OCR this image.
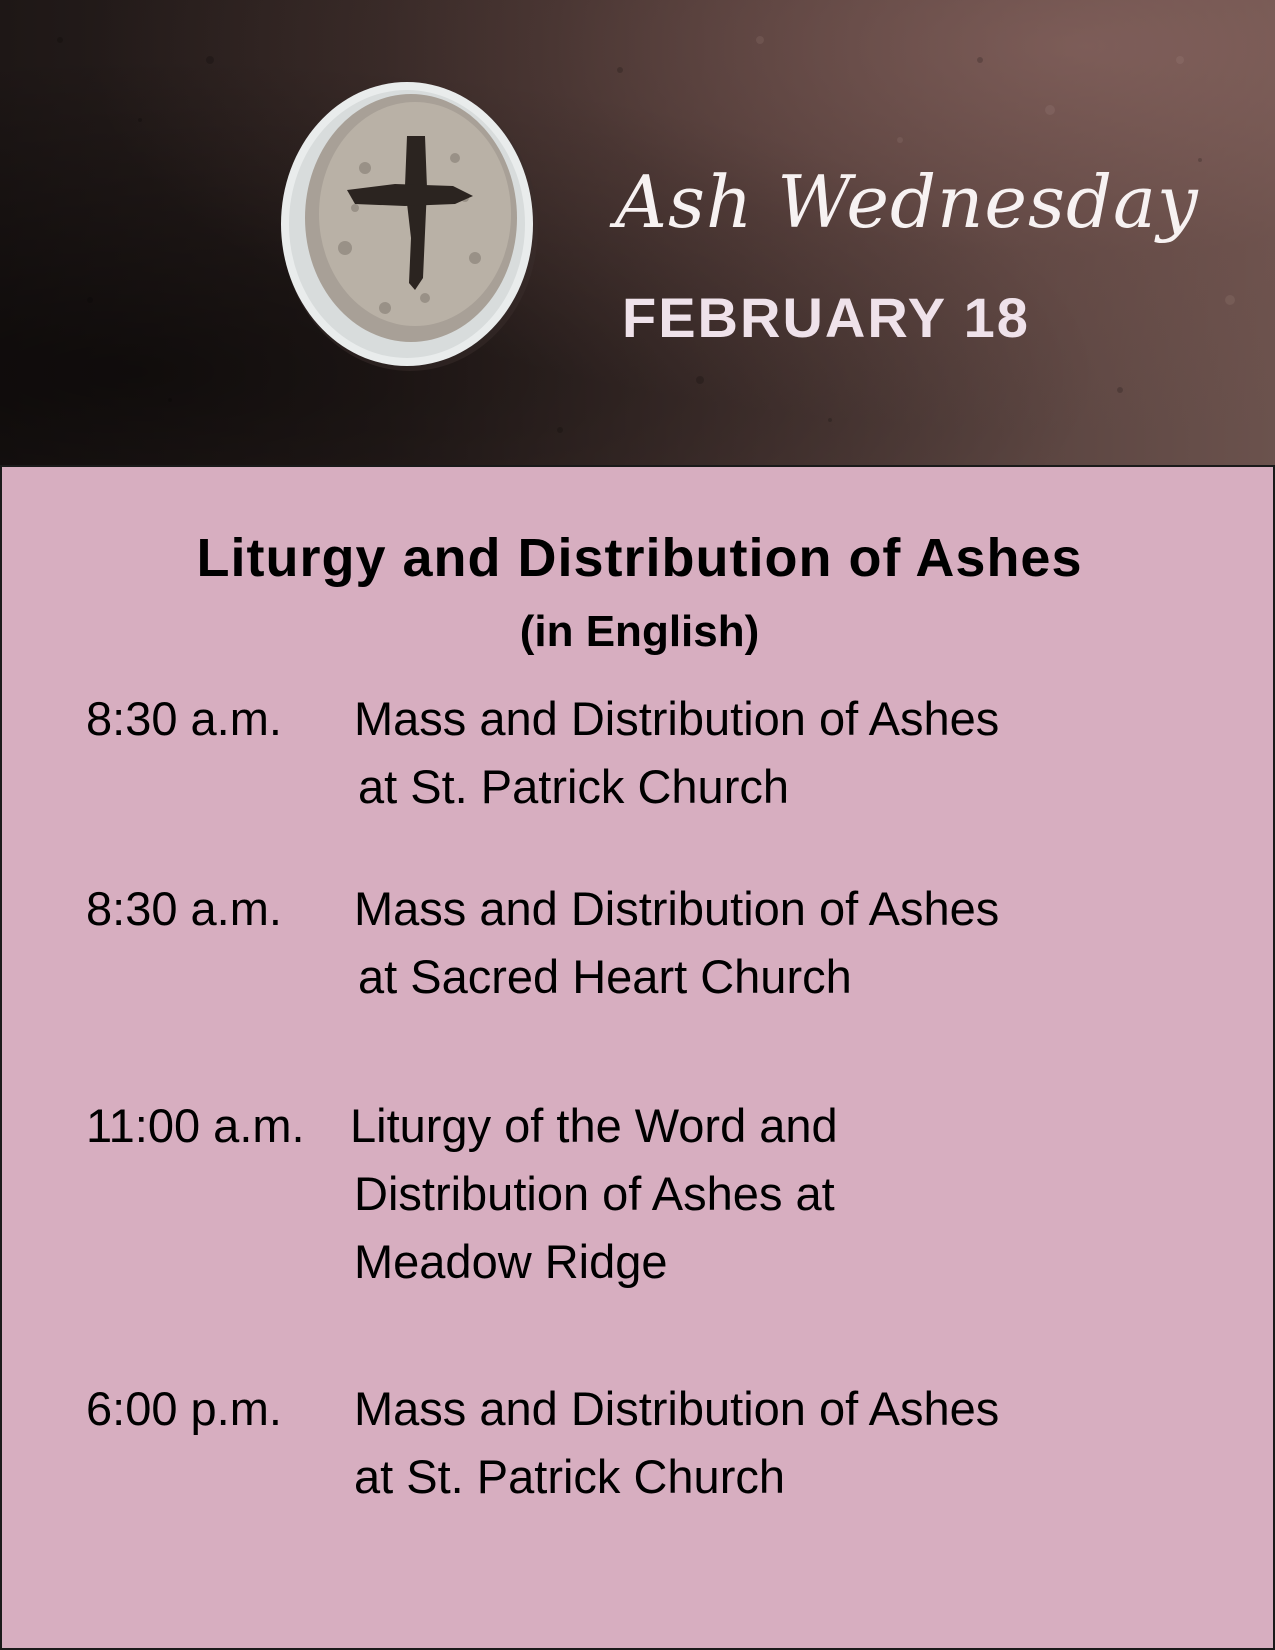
Ash Wednesday
FEBRUARY 18
Liturgy and Distribution of Ashes
(in English)
8:30 a.m. Mass and Distribution of Ashes
at St. Patrick Church
8:30 a.m. Mass and Distribution of Ashes
at Sacred Heart Church
11:00 a.m. Liturgy of the Word and
Distribution of Ashes at
Meadow Ridge
6:00 p.m. Mass and Distribution of Ashes
at St. Patrick Church
